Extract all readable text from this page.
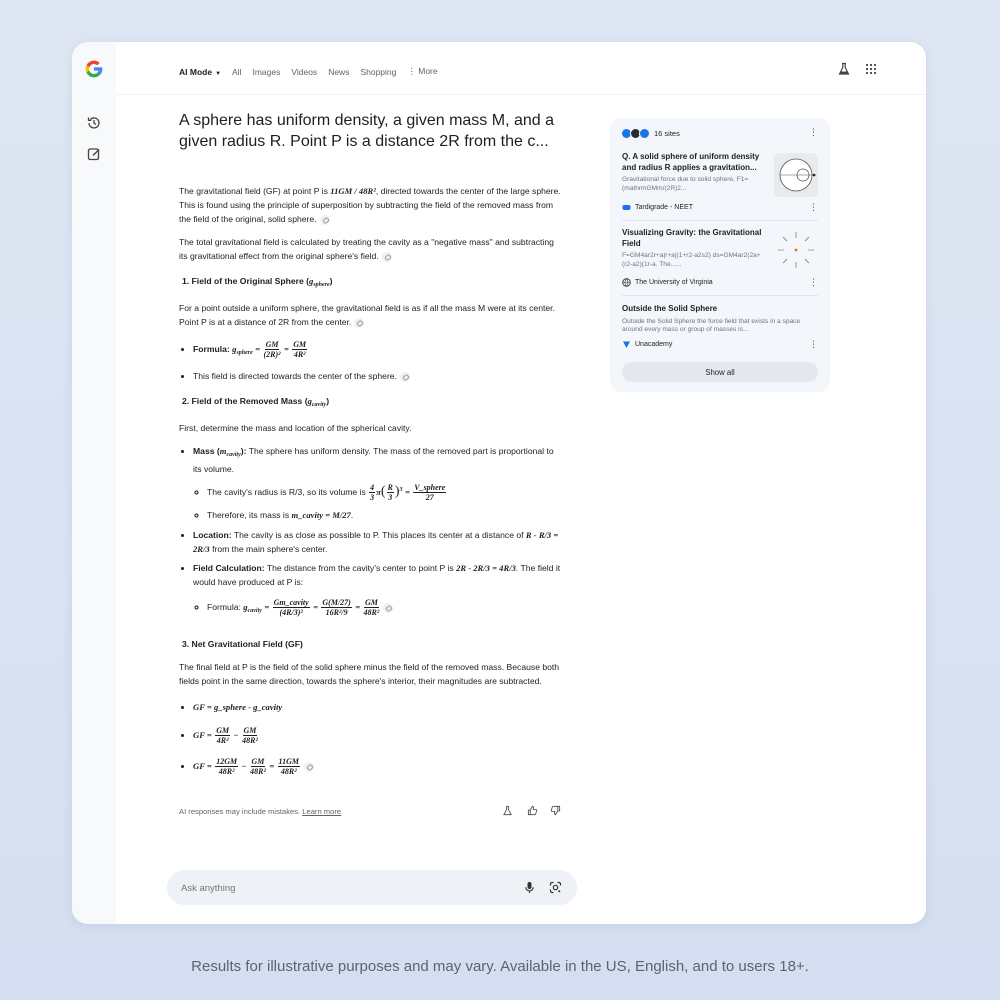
AI Mode ▼ All Images Videos News Shopping ⋮ More
A sphere has uniform density, a given mass M, and a given radius R. Point P is a distance 2R from the c...

The gravitational field (GF) at point P is 11GM / 48R², directed towards the center of the large sphere. This is found using the principle of superposition by subtracting the field of the removed mass from the field of the original, solid sphere.

The total gravitational field is calculated by treating the cavity as a "negative mass" and subtracting its gravitational effect from the original sphere's field.

1. Field of the Original Sphere $(g_{sphere})$

For a point outside a uniform sphere, the gravitational field is as if all the mass M were at its center. Point P is at a distance of 2R from the center.

• Formula: $g_{sphere} = \frac{GM}{\text{(2R)²}} = \frac{GM}{\text{4R²}}$
• This field is directed towards the center of the sphere.
2. Field of the Removed Mass $(g_{cavity})$

First, determine the mass and location of the spherical cavity.

• Mass $(m_{cavity})$: The sphere has uniform density. The mass of the removed part is proportional to its volume.
◦ The cavity's radius is R/3, so its volume is $\frac{4}{3} \pi( \frac{R}{3} )^3 = \frac{\text{V\_sphere}}{27}$
◦ Therefore, its mass is m_cavity = M/27.
• Location: The cavity is as close as possible to P. This places its center at a distance of R - R/3 = 2R/3 from the main sphere's center.
• Field Calculation: The distance from the cavity's center to point P is 2R - 2R/3 = 4R/3. The field it would have produced at P is:
◦ Formula: $g_{cavity} = \frac{\text{Gm\_cavity}}{\text{(4R/3)²}} = \frac{G(M/27)}{\text{16R²/9}} = \frac{GM}{\text{48R²}}$
3. Net Gravitational Field (GF)

The final field at P is the field of the solid sphere minus the field of the removed mass. Because both fields point in the same direction, towards the sphere's interior, their magnitudes are subtracted.

• GF = g_sphere - g_cavity
• GF = $\frac{GM}{\text{4R²}} - \frac{GM}{\text{48R²}}$
• GF = $\frac{12GM}{\text{48R²}} - \frac{GM}{\text{48R²}} = \frac{11GM}{\text{48R²}}$
AI responses may include mistakes. Learn more
Ask anything
16 sites	⋮
Q. A solid sphere of uniform density and radius R applies a gravitation...
Gravitational force due to solid sphere, F1=(mathrmGMm/(2R)2...
Tardigrade - NEET	⋮
Visualizing Gravity: the Gravitational Field
F=GM4ar2r+a|r+a|(1+r2-a2s2) ds=GM4ar2(2a+(r2-a2)(1r-a. The......
The University of Virginia	⋮
Outside the Solid Sphere
Outside the Solid Sphere the force field that exists in a space around every mass or group of masses is...
Unacademy	⋮
Show all
Results for illustrative purposes and may vary. Available in the US, English, and to users 18+.
